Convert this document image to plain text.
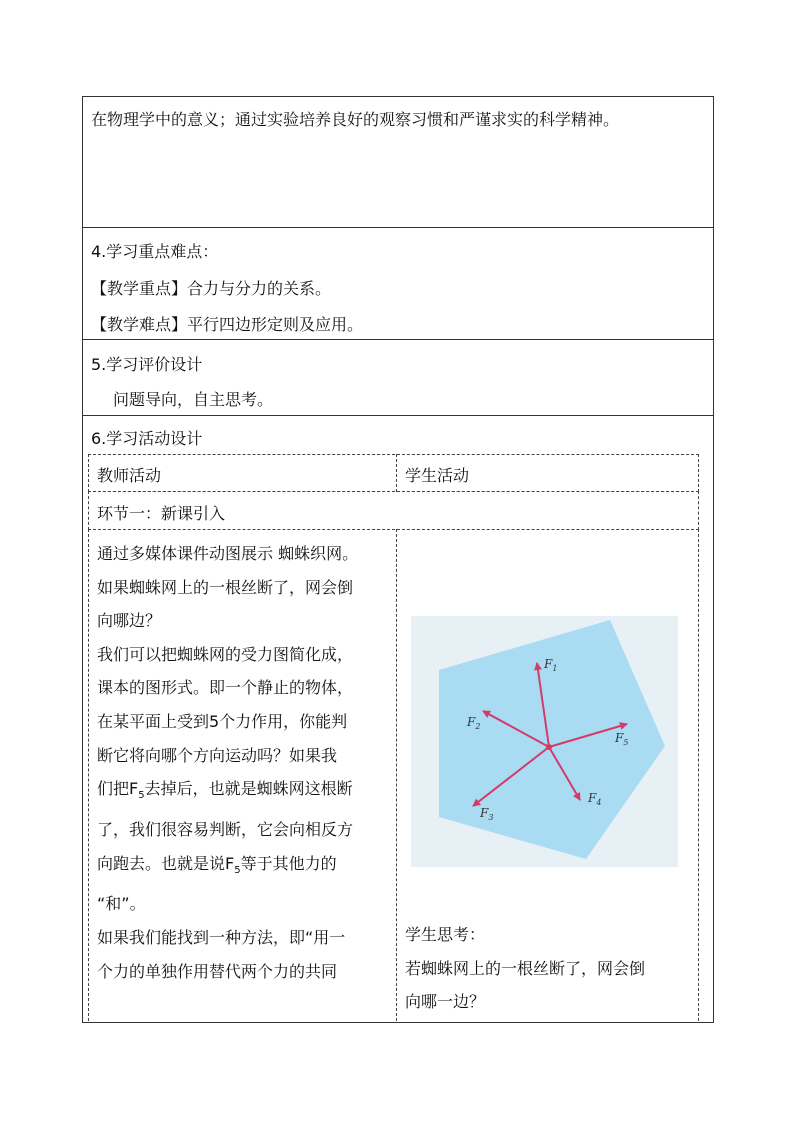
在物理学中的意义；通过实验培养良好的观察习惯和严谨求实的科学精神。
4.学习重点难点：
【教学重点】合力与分力的关系。
【教学难点】平行四边形定则及应用。
5.学习评价设计
问题导向，自主思考。
6.学习活动设计
教师活动	学生活动
环节一：新课引入
通过多媒体课件动图展示 蜘蛛织网。
如果蜘蛛网上的一根丝断了，网会倒
向哪边？
我们可以把蜘蛛网的受力图简化成，
课本的图形式。即一个静止的物体，
在某平面上受到5个力作用，你能判
断它将向哪个方向运动吗？如果我
们把$F_5$去掉后，也就是蜘蛛网这根断
了，我们很容易判断，它会向相反方
向跑去。也就是说$F_5$等于其他力的
“和”。
如果我们能找到一种方法，即“用一
个力的单独作用替代两个力的共同
$F_1$
$F_2$
$F_5$
$F_3$
$F_4$
学生思考：
若蜘蛛网上的一根丝断了，网会倒
向哪一边？
